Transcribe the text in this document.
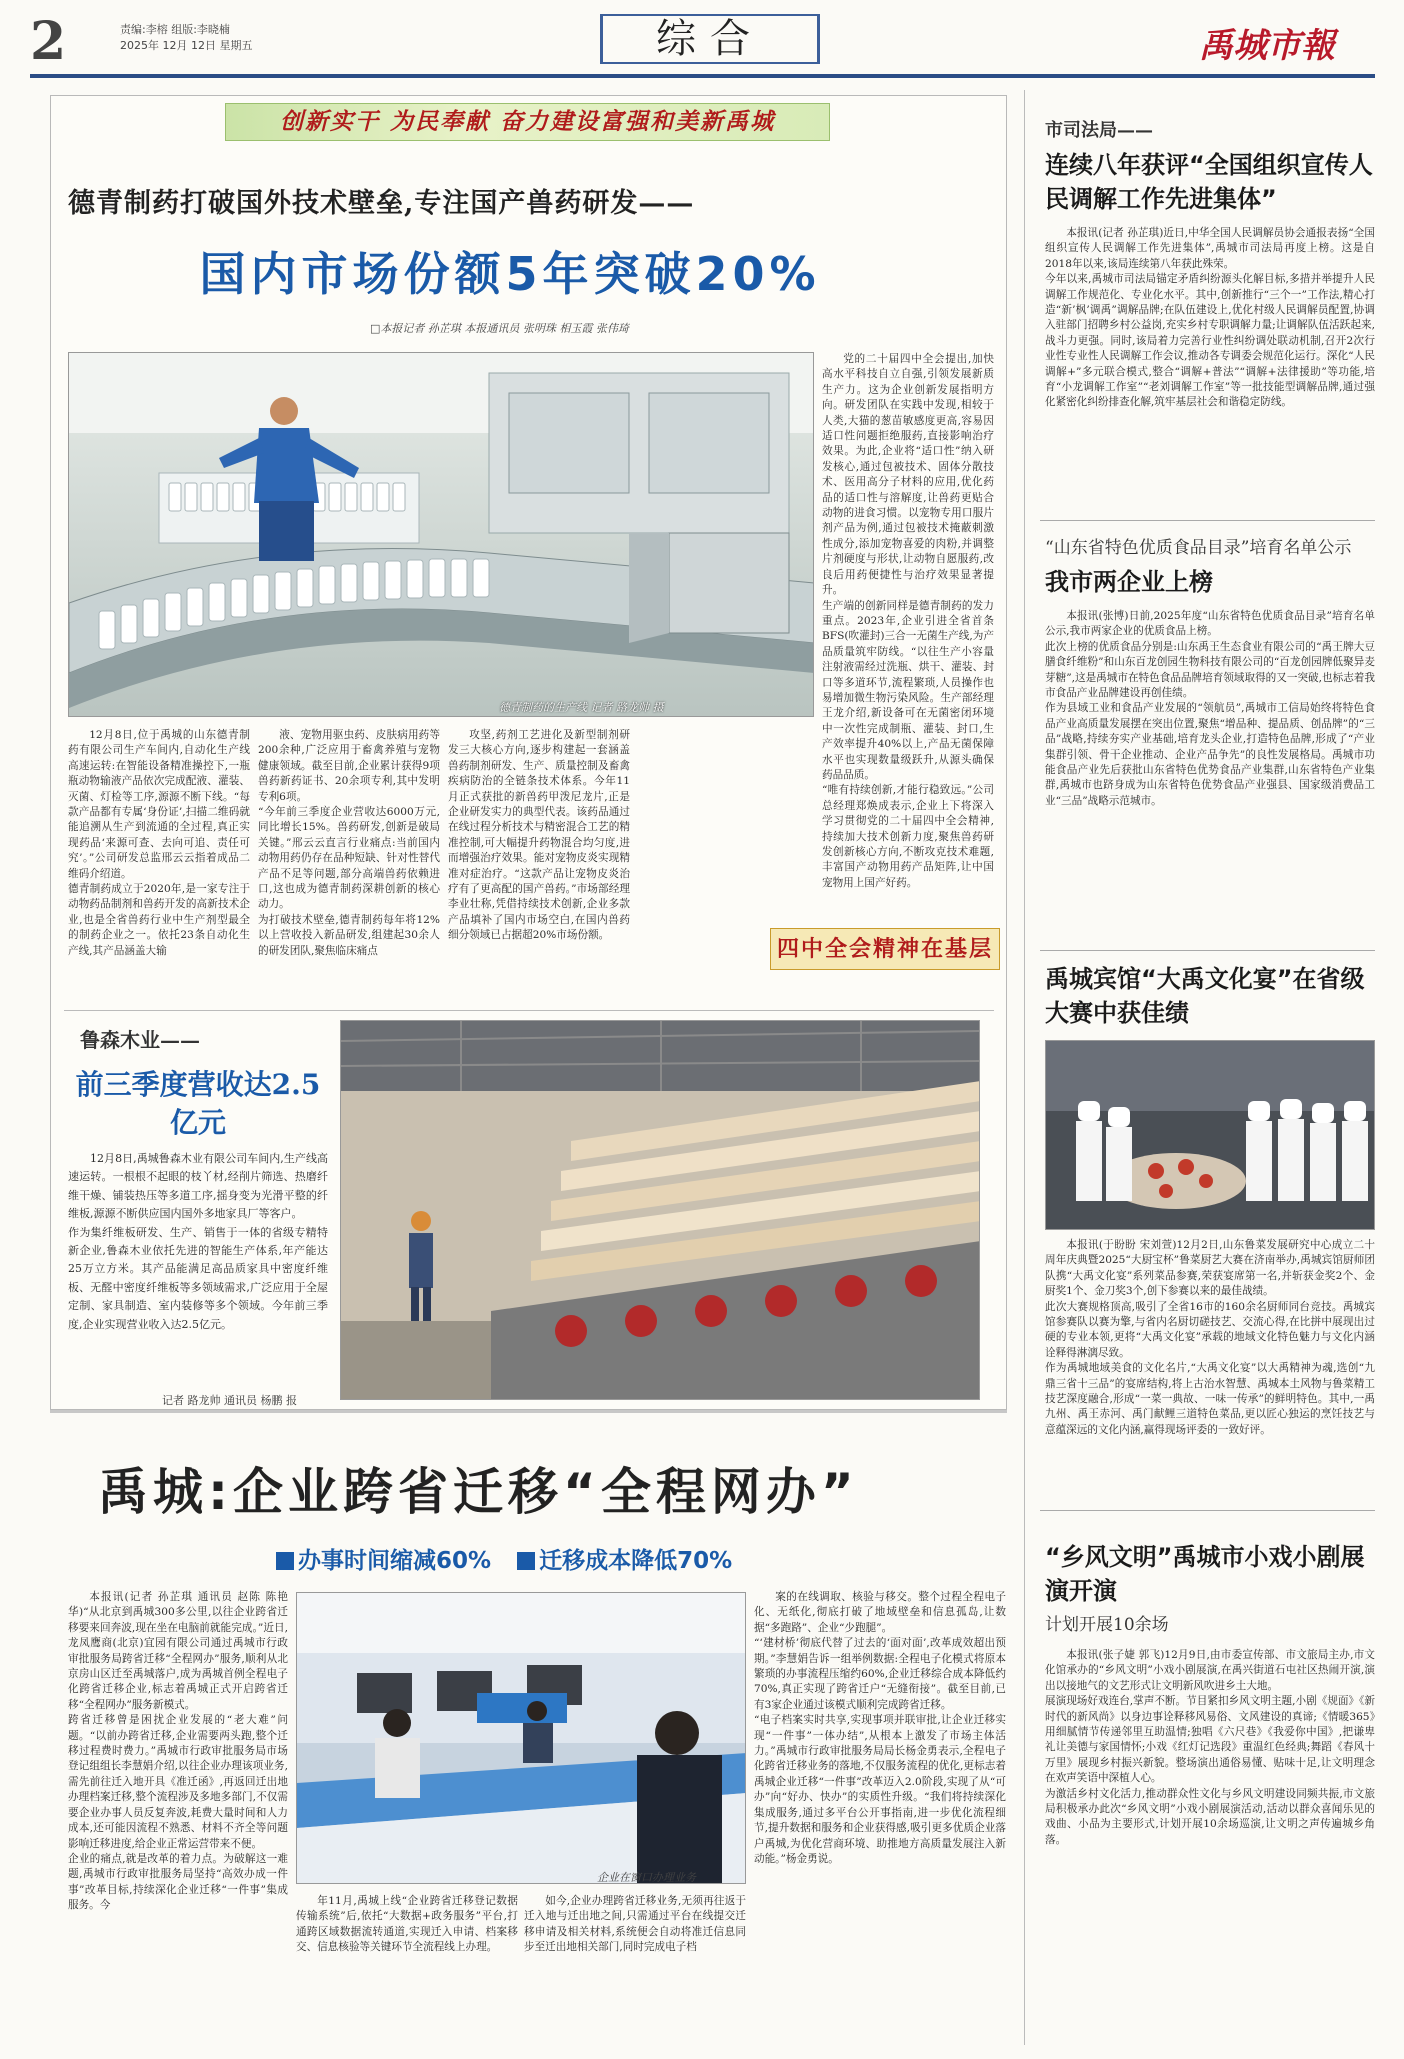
2	责编:李榕 组版:李晓楠
2025年 12月 12日 星期五	综合	禹城市報
创新实干 为民奉献 奋力建设富强和美新禹城
德青制药打破国外技术壁垒,专注国产兽药研发——
国内市场份额5年突破20%
□本报记者 孙芷琪 本报通讯员 张明珠 相玉霞 张伟琦
德青制药的生产线 记者 路龙帅 摄
党的二十届四中全会提出,加快高水平科技自立自强,引领发展新质生产力。这为企业创新发展指明方向。研发团队在实践中发现,相较于人类,大猫的葱苗敏感度更高,容易因适口性问题拒绝服药,直接影响治疗效果。为此,企业将“适口性”纳入研发核心,通过包被技术、固体分散技术、医用高分子材料的应用,优化药品的适口性与溶解度,让兽药更贴合动物的进食习惯。以宠物专用口服片剂产品为例,通过包被技术掩蔽刺激性成分,添加宠物喜爱的肉粉,并调整片剂硬度与形状,让动物自愿服药,改良后用药便捷性与治疗效果显著提升。
生产端的创新同样是德青制药的发力重点。2023年,企业引进全省首条BFS(吹灌封)三合一无菌生产线,为产品质量筑牢防线。“以往生产小容量注射液需经过洗瓶、烘干、灌装、封口等多道环节,流程繁琐,人员操作也易增加微生物污染风险。生产部经理王龙介绍,新设备可在无菌密闭环境中一次性完成制瓶、灌装、封口,生产效率提升40%以上,产品无菌保障水平也实现数量级跃升,从源头确保药品品质。
“唯有持续创新,才能行稳致远。”公司总经理郑焕成表示,企业上下将深入学习贯彻党的二十届四中全会精神,持续加大技术创新力度,聚焦兽药研发创新核心方向,不断攻克技术难题,丰富国产动物用药产品矩阵,让中国宠物用上国产好药。
12月8日,位于禹城的山东德青制药有限公司生产车间内,自动化生产线高速运转:在智能设备精准操控下,一瓶瓶动物输液产品依次完成配液、灌装、灭菌、灯检等工序,源源不断下线。“每款产品都有专属‘身份证’,扫描二维码就能追溯从生产到流通的全过程,真正实现药品‘来源可查、去向可追、责任可究’。”公司研发总监邢云云指着成品二维码介绍道。
德青制药成立于2020年,是一家专注于动物药品制剂和兽药开发的高新技术企业,也是全省兽药行业中生产剂型最全的制药企业之一。依托23条自动化生产线,其产品涵盖大输
液、宠物用驱虫药、皮肤病用药等200余种,广泛应用于畜禽养殖与宠物健康领域。截至目前,企业累计获得9项兽药新药证书、20余项专利,其中发明专利6项。
“今年前三季度企业营收达6000万元,同比增长15%。兽药研发,创新是破局关键。”邢云云直言行业痛点:当前国内动物用药仍存在品种短缺、针对性替代产品不足等问题,部分高端兽药依赖进口,这也成为德青制药深耕创新的核心动力。
为打破技术壁垒,德青制药每年将12%以上营收投入新品研发,组建起30余人的研发团队,聚焦临床痛点
攻坚,药剂工艺进化及新型制剂研发三大核心方向,逐步构建起一套涵盖兽药制剂研发、生产、质量控制及畜禽疾病防治的全链条技术体系。今年11月正式获批的新兽药甲泼尼龙片,正是企业研发实力的典型代表。该药品通过在线过程分析技术与精密混合工艺的精准控制,可大幅提升药物混合均匀度,进而增强治疗效果。能对宠物皮炎实现精准对症治疗。“这款产品让宠物皮炎治疗有了更高配的国产兽药。”市场部经理李业壮称,凭借持续技术创新,企业多款产品填补了国内市场空白,在国内兽药细分领域已占据超20%市场份额。
四中全会精神在基层
鲁森木业——
前三季度营收达2.5亿元
12月8日,禹城鲁森木业有限公司车间内,生产线高速运转。一根根不起眼的枝丫材,经削片筛选、热磨纤维干燥、铺装热压等多道工序,摇身变为光滑平整的纤维板,源源不断供应国内国外多地家具厂等客户。
作为集纤维板研发、生产、销售于一体的省级专精特新企业,鲁森木业依托先进的智能生产体系,年产能达25万立方米。其产品能满足高品质家具中密度纤维板、无醛中密度纤维板等多领域需求,广泛应用于全屋定制、家具制造、室内装修等多个领域。今年前三季度,企业实现营业收入达2.5亿元。
记者 路龙帅 通讯员 杨鹏 报
禹城:企业跨省迁移“全程网办”
办事时间缩减60% 迁移成本降低70%
本报讯(记者 孙芷琪 通讯员 赵陈 陈艳华)“从北京到禹城300多公里,以往企业跨省迁移要来回奔波,现在坐在电脑前就能完成。”近日,龙凤鹰商(北京)宜园有限公司通过禹城市行政审批服务局跨省迁移“全程网办”服务,顺利从北京房山区迁至禹城落户,成为禹城首例全程电子化跨省迁移企业,标志着禹城正式开启跨省迁移“全程网办”服务新模式。
跨省迁移曾是困扰企业发展的“老大难”问题。“以前办跨省迁移,企业需要两头跑,整个迁移过程费时费力。”禹城市行政审批服务局市场登记组组长李慧娟介绍,以往企业办理该项业务,需先前往迁入地开具《准迁函》,再返回迁出地办理档案迁移,整个流程涉及多地多部门,不仅需要企业办事人员反复奔波,耗费大量时间和人力成本,还可能因流程不熟悉、材料不齐全等问题影响迁移进度,给企业正常运营带来不便。
企业的痛点,就是改革的着力点。为破解这一难题,禹城市行政审批服务局坚持“高效办成一件事”改革目标,持续深化企业迁移“一件事”集成服务。今
企业在窗口办理业务
年11月,禹城上线“企业跨省迁移登记数据传输系统”后,依托“大数据+政务服务”平台,打通跨区域数据流转通道,实现迁入申请、档案移交、信息核验等关键环节全流程线上办理。
如今,企业办理跨省迁移业务,无须再往返于迁入地与迁出地之间,只需通过平台在线提交迁移申请及相关材料,系统便会自动将准迁信息同步至迁出地相关部门,同时完成电子档
案的在线调取、核验与移交。整个过程全程电子化、无纸化,彻底打破了地域壁垒和信息孤岛,让数据“多跑路”、企业“少跑腿”。
“‘建材桥’彻底代替了过去的‘面对面’,改革成效超出预期。”李慧娟告诉一组举例数据:全程电子化模式将原本繁琐的办事流程压缩约60%,企业迁移综合成本降低约70%,真正实现了跨省迁户“无缝衔接”。截至目前,已有3家企业通过该模式顺利完成跨省迁移。
“电子档案实时共享,实现事项并联审批,让企业迁移实现“一件事”一体办结”,从根本上激发了市场主体活力。”禹城市行政审批服务局局长杨金勇表示,全程电子化跨省迁移业务的落地,不仅服务流程的优化,更标志着禹城企业迁移“一件事”改革迈入2.0阶段,实现了从“可办”向“好办、快办”的实质性升级。“我们将持续深化集成服务,通过多平台公开事指南,进一步优化流程细节,提升数据和服务和企业获得感,吸引更多优质企业落户禹城,为优化营商环境、助推地方高质量发展注入新动能。”杨金勇说。
市司法局——
连续八年获评“全国组织宣传人民调解工作先进集体”
本报讯(记者 孙芷琪)近日,中华全国人民调解员协会通报表扬“全国组织宣传人民调解工作先进集体”,禹城市司法局再度上榜。这是自2018年以来,该局连续第八年获此殊荣。
今年以来,禹城市司法局锚定矛盾纠纷源头化解目标,多措并举提升人民调解工作规范化、专业化水平。其中,创新推行“三个一”工作法,精心打造“新’枫’调禹”调解品牌;在队伍建设上,优化村级人民调解员配置,协调入驻部门招聘乡村公益岗,充实乡村专职调解力量;让调解队伍活跃起来,战斗力更强。同时,该局着力完善行业性纠纷调处联动机制,召开2次行业性专业性人民调解工作会议,推动各专调委会规范化运行。深化“人民调解+”多元联合模式,整合“调解+普法”“调解+法律援助”等功能,培育“小龙调解工作室”“老刘调解工作室”等一批技能型调解品牌,通过强化紧密化纠纷排查化解,筑牢基层社会和谐稳定防线。
“山东省特色优质食品目录”培育名单公示
我市两企业上榜
本报讯(张博)日前,2025年度“山东省特色优质食品目录”培育名单公示,我市两家企业的优质食品上榜。
此次上榜的优质食品分别是:山东禹王生态食业有限公司的“禹王牌大豆膳食纤维粉”和山东百龙创园生物科技有限公司的“百龙创园牌低聚异麦芽糖”,这是禹城市在特色食品品牌培育领域取得的又一突破,也标志着我市食品产业品牌建设再创佳绩。
作为县域工业和食品产业发展的“领航员”,禹城市工信局始终将特色食品产业高质量发展摆在突出位置,聚焦“增品种、提品质、创品牌”的“三品”战略,持续夯实产业基础,培育龙头企业,打造特色品牌,形成了“产业集群引领、骨干企业推动、企业产品争先”的良性发展格局。禹城市功能食品产业先后获批山东省特色优势食品产业集群,山东省特色产业集群,禹城市也跻身成为山东省特色优势食品产业强县、国家级消费品工业“三品”战略示范城市。
禹城宾馆“大禹文化宴”在省级大赛中获佳绩
本报讯(于盼盼 宋刘萱)12月2日,山东鲁菜发展研究中心成立二十周年庆典暨2025“大厨宝杯”鲁菜厨艺大赛在济南举办,禹城宾馆厨师团队携“大禹文化宴”系列菜品参赛,荣获宴席第一名,并斩获金奖2个、金厨奖1个、金刀奖3个,创下参赛以来的最佳战绩。
此次大赛规格顶高,吸引了全省16市的160余名厨师同台竞技。禹城宾馆参赛队以赛为擎,与省内名厨切磋技艺、交流心得,在比拼中展现出过硬的专业本领,更将“大禹文化宴”承载的地域文化特色魅力与文化内涵诠释得淋漓尽致。
作为禹城地域美食的文化名片,“大禹文化宴”以大禹精神为魂,选创“九鼎三省十三品”的宴席结构,将上古治水智慧、禹城本土风物与鲁菜精工技艺深度融合,形成“一菜一典故、一味一传承”的鲜明特色。其中,一禹九州、禹王赤河、禹门献鲤三道特色菜品,更以匠心独运的烹饪技艺与意蕴深远的文化内涵,赢得现场评委的一致好评。
“乡风文明”禹城市小戏小剧展演开演
计划开展10余场
本报讯(张子婕 郭飞)12月9日,由市委宣传部、市文旅局主办,市文化馆承办的“乡风文明”小戏小剧展演,在禹兴街道石屯社区热闹开演,演出以接地气的文艺形式让文明新风吹进乡土大地。
展演现场好戏连台,掌声不断。节目紧扣乡风文明主题,小剧《规面》《新时代的新风尚》以身边事诠释移风易俗、文风建设的真谛;《情暖365》用细腻情节传递邻里互助温情;独唱《六尺巷》《我爱你中国》,把谦卑礼让美德与家国情怀;小戏《红灯记选段》重温红色经典;舞蹈《春风十万里》展现乡村振兴新貌。整场演出通俗易懂、贴味十足,让文明理念在欢声笑语中深植人心。
为激活乡村文化活力,推动群众性文化与乡风文明建设同频共振,市文旅局积极承办此次“乡风文明”小戏小剧展演活动,活动以群众喜闻乐见的戏曲、小品为主要形式,计划开展10余场巡演,让文明之声传遍城乡角落。
